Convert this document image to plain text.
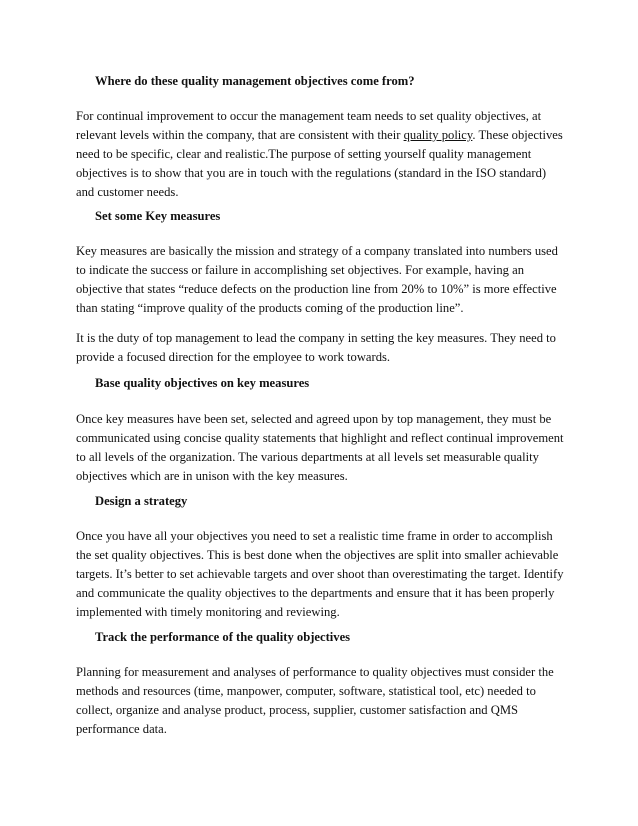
Where do these quality management objectives come from?
For continual improvement to occur the management team needs to set quality objectives, at
relevant levels within the company, that are consistent with their quality policy. These objectives
need to be specific, clear and realistic.The purpose of setting yourself quality management
objectives is to show that you are in touch with the regulations (standard in the ISO standard)
and customer needs.
Set some Key measures
Key measures are basically the mission and strategy of a company translated into numbers used
to indicate the success or failure in accomplishing set objectives. For example, having an
objective that states “reduce defects on the production line from 20% to 10%” is more effective
than stating “improve quality of the products coming of the production line”.
It is the duty of top management to lead the company in setting the key measures. They need to
provide a focused direction for the employee to work towards.
Base quality objectives on key measures
Once key measures have been set, selected and agreed upon by top management, they must be
communicated using concise quality statements that highlight and reflect continual improvement
to all levels of the organization. The various departments at all levels set measurable quality
objectives which are in unison with the key measures.
Design a strategy
Once you have all your objectives you need to set a realistic time frame in order to accomplish
the set quality objectives. This is best done when the objectives are split into smaller achievable
targets. It’s better to set achievable targets and over shoot than overestimating the target. Identify
and communicate the quality objectives to the departments and ensure that it has been properly
implemented with timely monitoring and reviewing.
Track the performance of the quality objectives
Planning for measurement and analyses of performance to quality objectives must consider the
methods and resources (time, manpower, computer, software, statistical tool, etc) needed to
collect, organize and analyse product, process, supplier, customer satisfaction and QMS
performance data.
